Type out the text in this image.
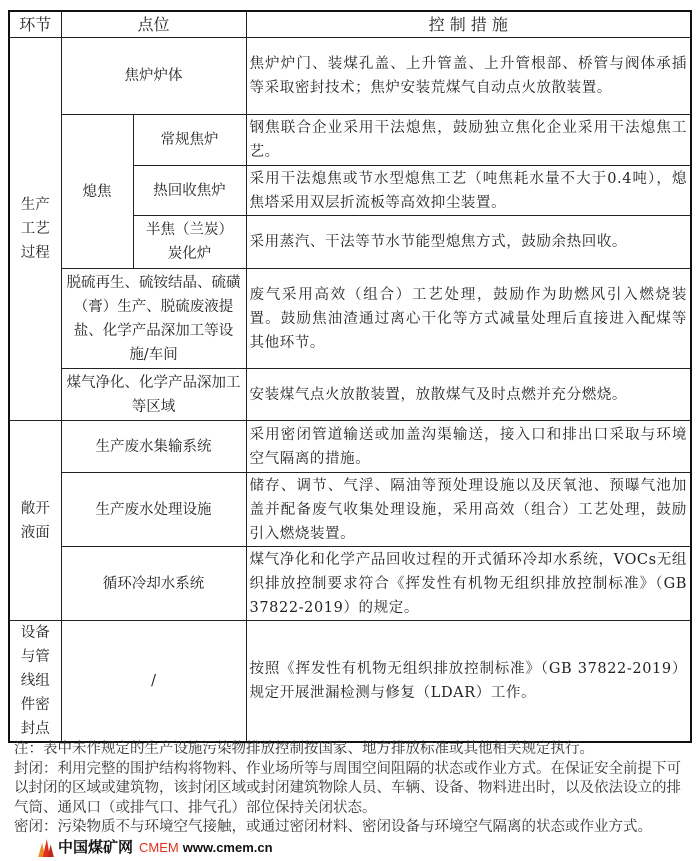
环节	点位		控 制 措 施
生产工艺过程	焦炉炉体		焦炉炉门、装煤孔盖、上升管盖、上升管根部、桥管与阀体承插等采取密封技术；焦炉安装荒煤气自动点火放散装置。
	熄焦	常规焦炉	钢焦联合企业采用干法熄焦，鼓励独立焦化企业采用干法熄焦工艺。
		热回收焦炉	采用干法熄焦或节水型熄焦工艺（吨焦耗水量不大于0.4吨），熄焦塔采用双层折流板等高效抑尘装置。
		半焦（兰炭）炭化炉	采用蒸汽、干法等节水节能型熄焦方式，鼓励余热回收。
	脱硫再生、硫铵结晶、硫磺（膏）生产、脱硫废液提盐、化学产品深加工等设施/车间		废气采用高效（组合）工艺处理，鼓励作为助燃风引入燃烧装置。鼓励焦油渣通过离心干化等方式减量处理后直接进入配煤等其他环节。
	煤气净化、化学产品深加工等区域		安装煤气点火放散装置，放散煤气及时点燃并充分燃烧。
敞开液面	生产废水集输系统		采用密闭管道输送或加盖沟渠输送，接入口和排出口采取与环境空气隔离的措施。
	生产废水处理设施		储存、调节、气浮、隔油等预处理设施以及厌氧池、预曝气池加盖并配备废气收集处理设施，采用高效（组合）工艺处理，鼓励引入燃烧装置。
	循环冷却水系统		煤气净化和化学产品回收过程的开式循环冷却水系统，VOCs无组织排放控制要求符合《挥发性有机物无组织排放控制标准》（GB 37822-2019）的规定。
设备与管线组件密封点	/		按照《挥发性有机物无组织排放控制标准》（GB 37822-2019）规定开展泄漏检测与修复（LDAR）工作。

注：表中未作规定的生产设施污染物排放控制按国家、地方排放标准或其他相关规定执行。

封闭：利用完整的围护结构将物料、作业场所等与周围空间阻隔的状态或作业方式。在保证安全前提下可以封闭的区域或建筑物，该封闭区域或封闭建筑物除人员、车辆、设备、物料进出时，以及依法设立的排气筒、通风口（或排气口、排气孔）部位保持关闭状态。

密闭：污染物质不与环境空气接触，或通过密闭材料、密闭设备与环境空气隔离的状态或作业方式。中国煤矿网 CMEM www.cmem.cn
